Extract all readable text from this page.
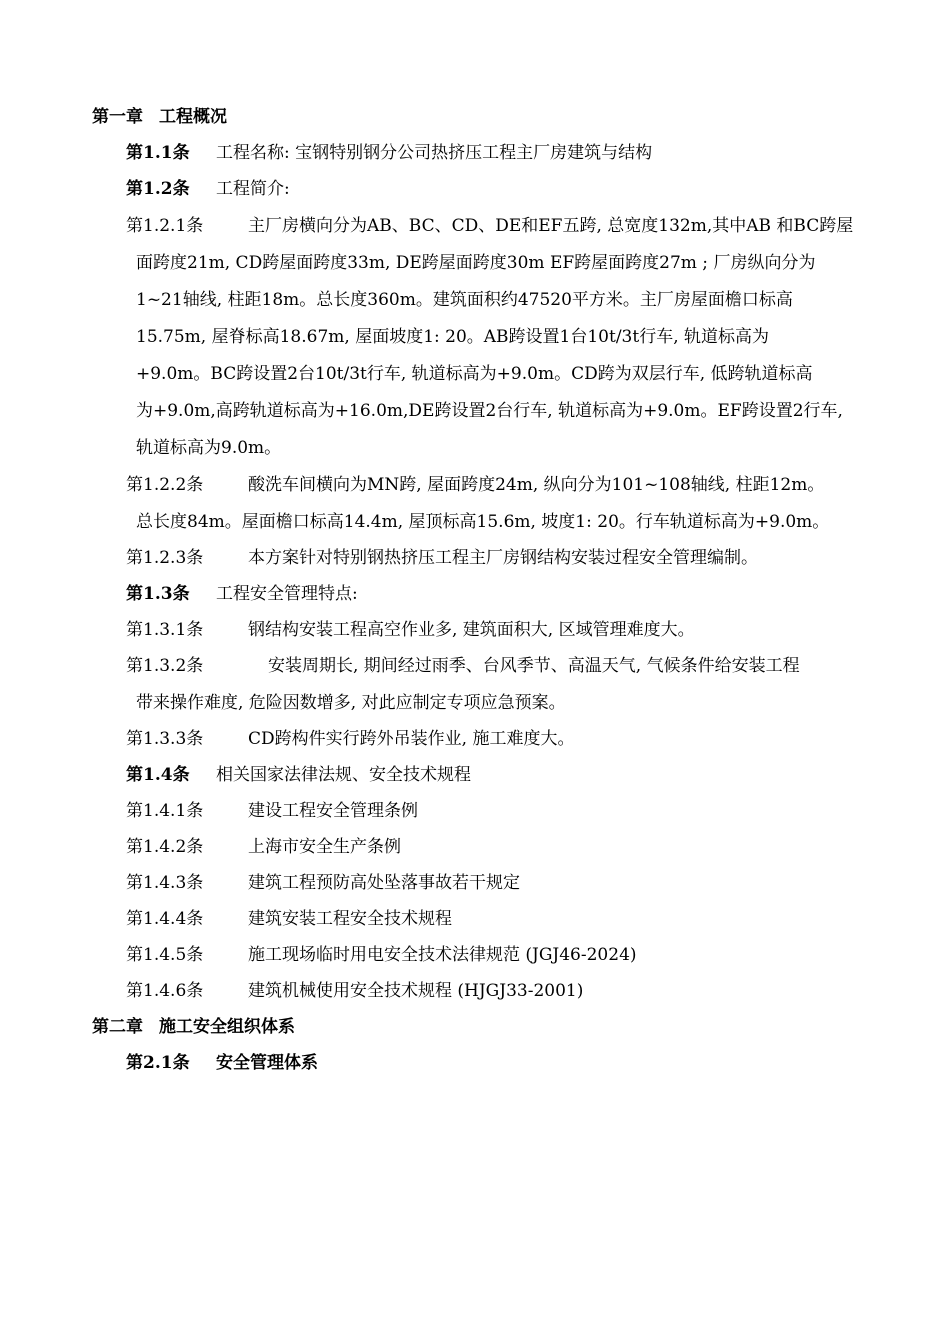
第一章 工程概况
第1.1条 工程名称: 宝钢特别钢分公司热挤压工程主厂房建筑与结构
第1.2条 工程简介:
第1.2.1条	主厂房横向分为AB、BC、CD、DE和EF五跨, 总宽度132m,其中AB 和BC跨屋
面跨度21m, CD跨屋面跨度33m, DE跨屋面跨度30m EF跨屋面跨度27m ; 厂房纵向分为
1~21轴线, 柱距18m。总长度360m。建筑面积约47520平方米。主厂房屋面檐口标高
15.75m, 屋脊标高18.67m, 屋面坡度1: 20。AB跨设置1台10t/3t行车, 轨道标高为
+9.0m。BC跨设置2台10t/3t行车, 轨道标高为+9.0m。CD跨为双层行车, 低跨轨道标高
为+9.0m,高跨轨道标高为+16.0m,DE跨设置2台行车, 轨道标高为+9.0m。EF跨设置2行车,
轨道标高为9.0m。
第1.2.2条	酸洗车间横向为MN跨, 屋面跨度24m, 纵向分为101~108轴线, 柱距12m。
总长度84m。屋面檐口标高14.4m, 屋顶标高15.6m, 坡度1: 20。行车轨道标高为+9.0m。
第1.2.3条	本方案针对特别钢热挤压工程主厂房钢结构安装过程安全管理编制。
第1.3条 工程安全管理特点:
第1.3.1条	钢结构安装工程高空作业多, 建筑面积大, 区域管理难度大。
第1.3.2条	安装周期长, 期间经过雨季、台风季节、高温天气, 气候条件给安装工程
带来操作难度, 危险因数增多, 对此应制定专项应急预案。
第1.3.3条	CD跨构件实行跨外吊装作业, 施工难度大。
第1.4条 相关国家法律法规、安全技术规程
第1.4.1条	建设工程安全管理条例
第1.4.2条	上海市安全生产条例
第1.4.3条	建筑工程预防高处坠落事故若干规定
第1.4.4条	建筑安装工程安全技术规程
第1.4.5条	施工现场临时用电安全技术法律规范 (JGJ46-2024)
第1.4.6条	建筑机械使用安全技术规程 (HJGJ33-2001)
第二章 施工安全组织体系
第2.1条 安全管理体系
